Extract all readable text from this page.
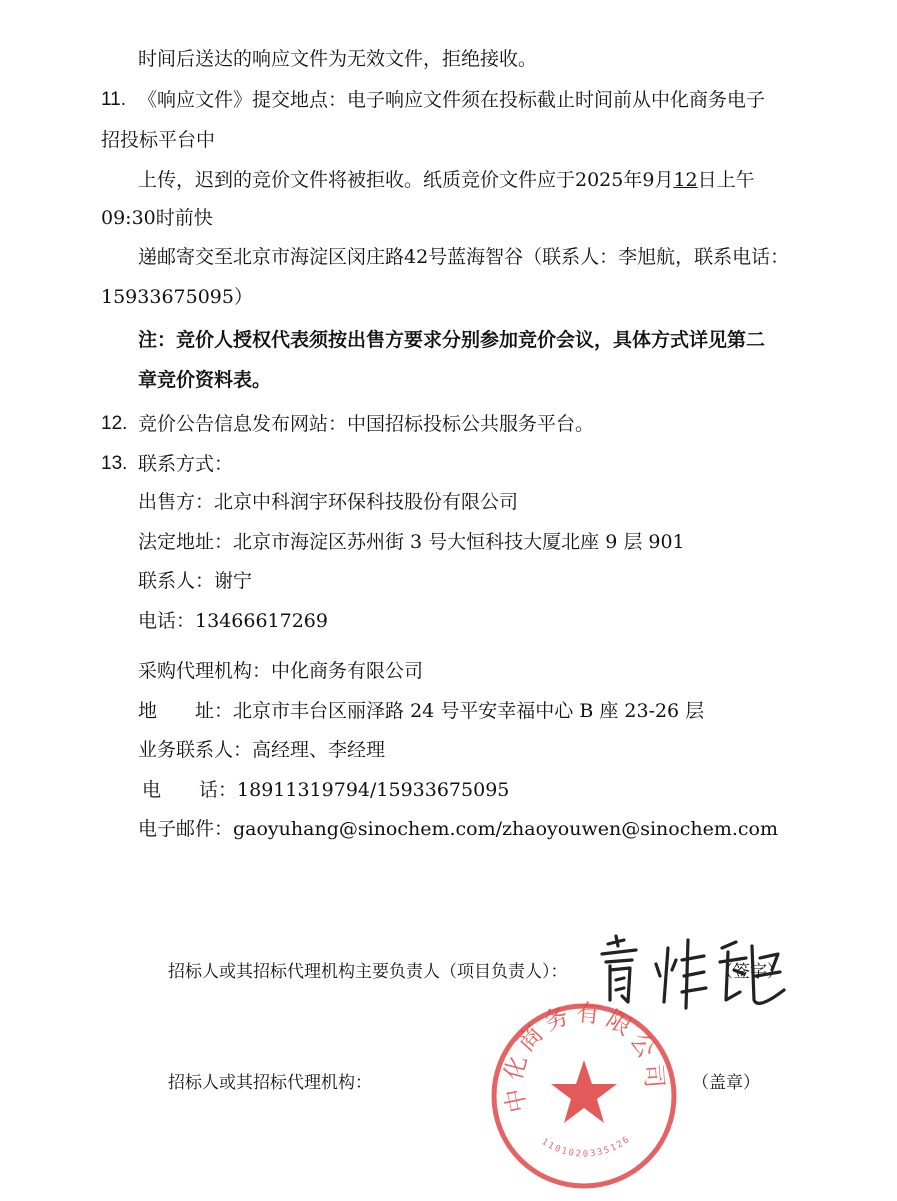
时间后送达的响应文件为无效文件，拒绝接收。
11. 《响应文件》提交地点：电子响应文件须在投标截止时间前从中化商务电子
招投标平台中
上传，迟到的竞价文件将被拒收。纸质竞价文件应于2025年9月12日上午
09:30时前快
递邮寄交至北京市海淀区闵庄路42号蓝海智谷（联系人：李旭航，联系电话：
15933675095）
注：竞价人授权代表须按出售方要求分别参加竞价会议，具体方式详见第二
章竞价资料表。
12. 竞价公告信息发布网站：中国招标投标公共服务平台。
13. 联系方式：
出售方：北京中科润宇环保科技股份有限公司
法定地址：北京市海淀区苏州街 3 号大恒科技大厦北座 9 层 901
联系人：谢宁
电话：13466617269
采购代理机构：中化商务有限公司
地 址：北京市丰台区丽泽路 24 号平安幸福中心 B 座 23-26 层
业务联系人：高经理、李经理
电 话：18911319794/15933675095
电子邮件：gaoyuhang@sinochem.com/zhaoyouwen@sinochem.com
招标人或其招标代理机构主要负责人（项目负责人）：	（签字）
招标人或其招标代理机构：	（盖章）
中化商务有限公司
1101020335126
